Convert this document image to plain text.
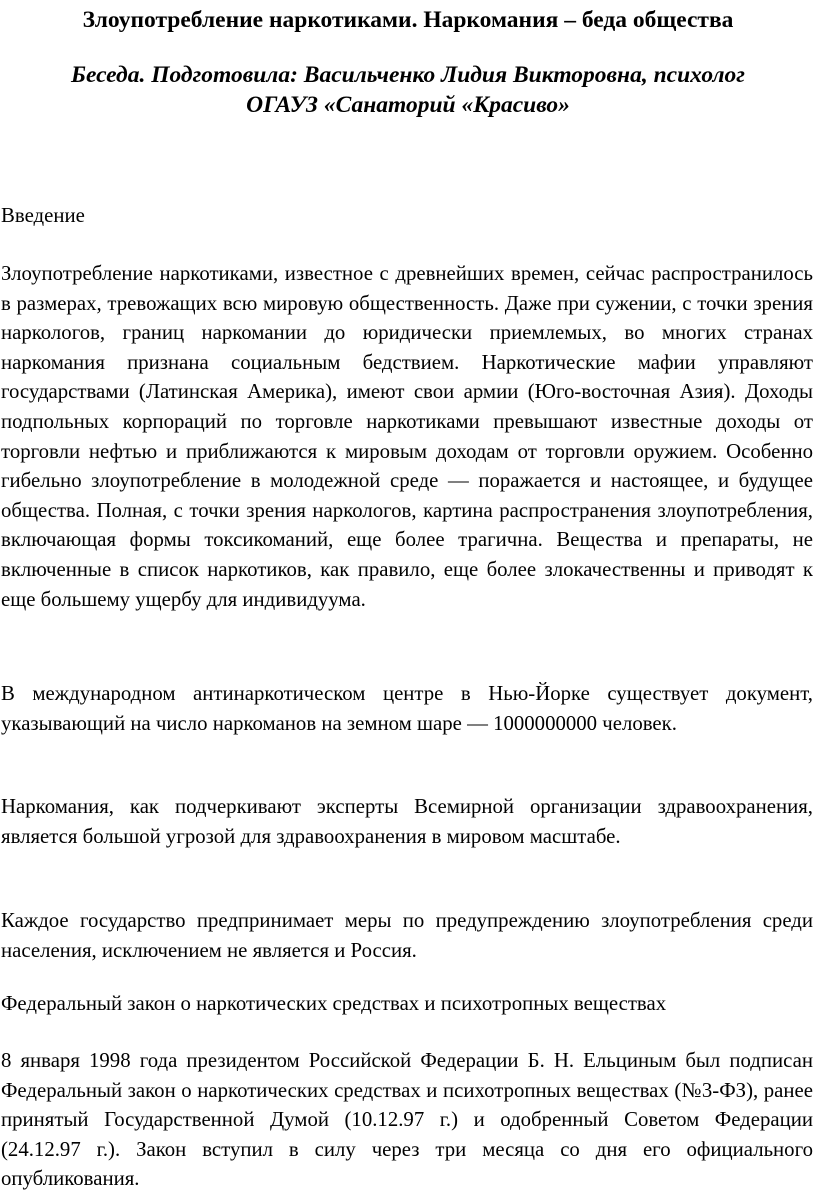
Злоупотребление наркотиками. Наркомания – беда общества
Беседа. Подготовила: Васильченко Лидия Викторовна, психолог
ОГАУЗ «Санаторий «Красиво»

Введение

Злоупотребление наркотиками, известное с древнейших времен, сейчас распространилось в размерах, тревожащих всю мировую общественность. Даже при сужении, с точки зрения наркологов, границ наркомании до юридически приемлемых, во многих странах наркомания признана социальным бедствием. Наркотические мафии управляют государствами (Латинская Америка), имеют свои армии (Юго-восточная Азия). Доходы подпольных корпораций по торговле наркотиками превышают известные доходы от торговли нефтью и приближаются к мировым доходам от торговли оружием. Особенно гибельно злоупотребление в молодежной среде — поражается и настоящее, и будущее общества. Полная, с точки зрения наркологов, картина распространения злоупотребления, включающая формы токсикоманий, еще более трагична. Вещества и препараты, не включенные в список наркотиков, как правило, еще более злокачественны и приводят к еще большему ущербу для индивидуума.

В международном антинаркотическом центре в Нью-Йорке существует документ, указывающий на число наркоманов на земном шаре — 1000000000 человек.

Наркомания, как подчеркивают эксперты Всемирной организации здравоохранения, является большой угрозой для здравоохранения в мировом масштабе.

Каждое государство предпринимает меры по предупреждению злоупотребления среди населения, исключением не является и Россия.

Федеральный закон о наркотических средствах и психотропных веществах

8 января 1998 года президентом Российской Федерации Б. Н. Ельциным был подписан Федеральный закон о наркотических средствах и психотропных веществах (№3-ФЗ), ранее принятый Государственной Думой (10.12.97 г.) и одобренный Советом Федерации (24.12.97 г.). Закон вступил в силу через три месяца со дня его официального опубликования.
